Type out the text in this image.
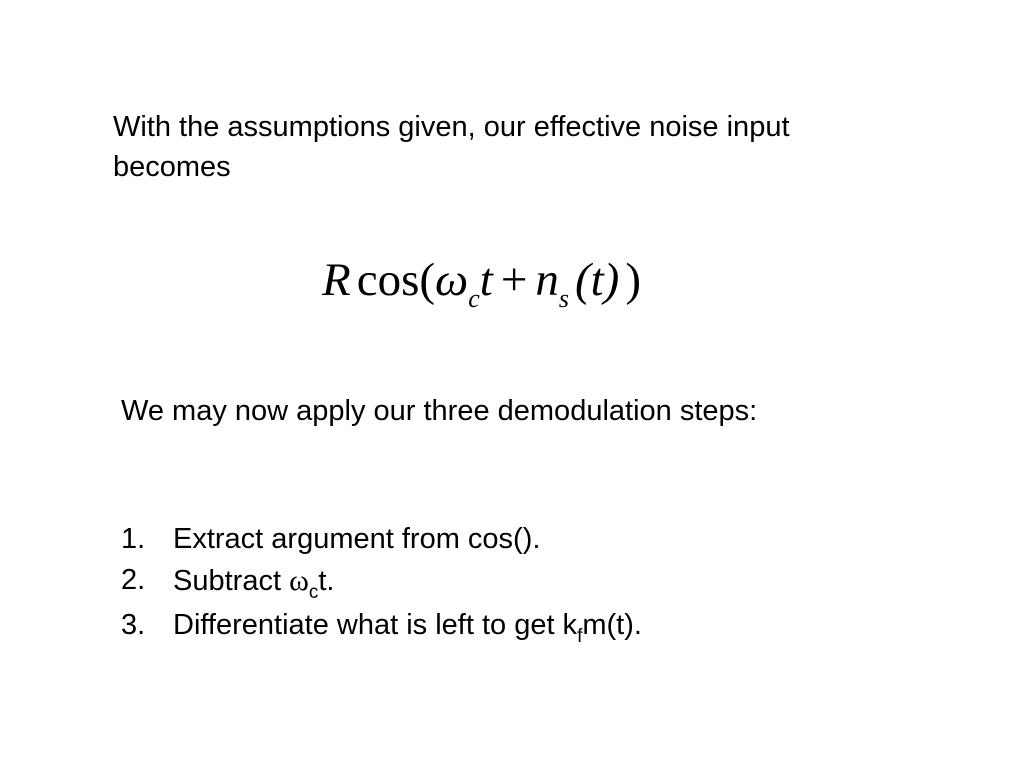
With the assumptions given, our effective noise input
becomes
R $\cos(\omega_ct + n_s$ (t) )
We may now apply our three demodulation steps:
1. Extract argument from cos().
2. Subtract $\omega_ct$.
3. Differentiate what is left to get $k_fm(t)$.
